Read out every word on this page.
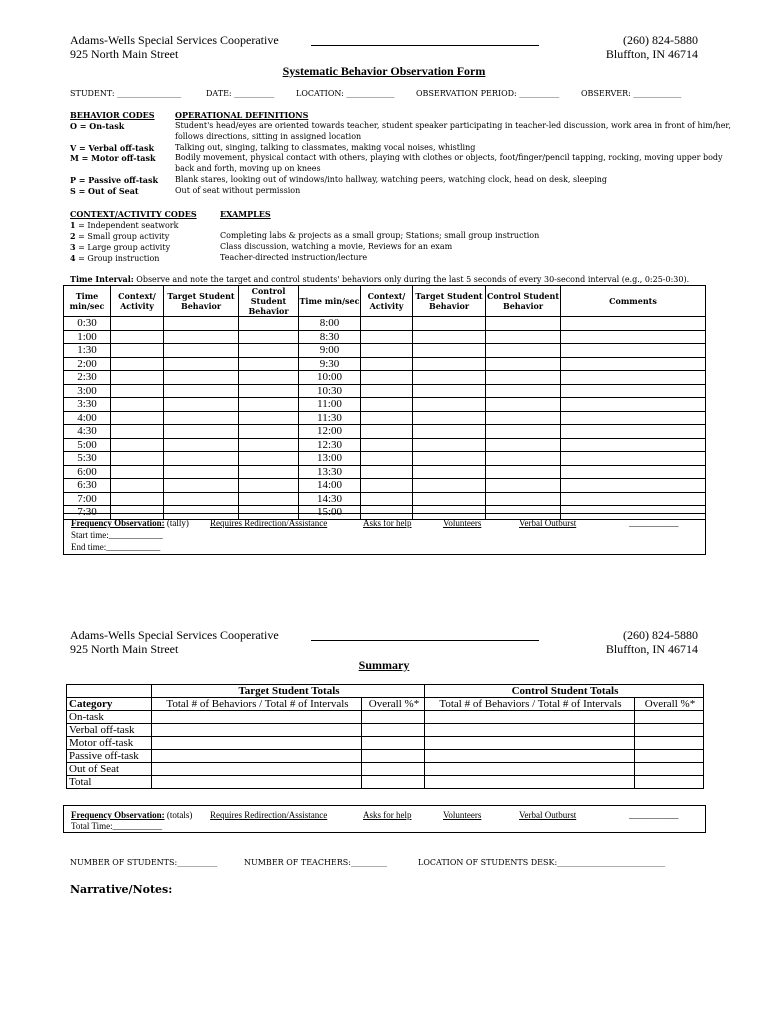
Adams-Wells Special Services Cooperative	(260) 824-5880
925 North Main Street	Bluffton, IN 46714
Systematic Behavior Observation Form
STUDENT: ________________	DATE: __________	LOCATION: ____________	OBSERVATION PERIOD: __________	OBSERVER: ____________
BEHAVIOR CODES	OPERATIONAL DEFINITIONS
O = On-task	Student's head/eyes are oriented towards teacher, student speaker participating in teacher-led discussion, work area in front of him/her,
follows directions, sitting in assigned location
V = Verbal off-task	Talking out, singing, talking to classmates, making vocal noises, whistling
M = Motor off-task Bodily movement, physical contact with others, playing with clothes or objects, foot/finger/pencil tapping, rocking, moving upper body
back and forth, moving up on knees
P = Passive off-task Blank stares, looking out of windows/into hallway, watching peers, watching clock, head on desk, sleeping
S = Out of Seat	Out of seat without permission
CONTEXT/ACTIVITY CODES	EXAMPLES
1 = Independent seatwork
2 = Small group activity	Completing labs & projects as a small group; Stations; small group instruction
3 = Large group activity	Class discussion, watching a movie, Reviews for an exam
4 = Group instruction	Teacher-directed instruction/lecture
Time Interval: Observe and note the target and control students' behaviors only during the last 5 seconds of every 30-second interval (e.g., 0:25-0:30).
Time min/sec	Context/ Activity	Target Student Behavior	Control Student Behavior	Time min/sec	Context/ Activity	Target Student Behavior	Control Student Behavior	Comments
0:30				8:00				
1:00				8:30				
1:30				9:00				
2:00				9:30				
2:30				10:00				
3:00				10:30				
3:30				11:00				
4:00				11:30				
4:30				12:00				
5:00				12:30				
5:30				13:00				
6:00				13:30				
6:30				14:00				
7:00				14:30				
7:30				15:00				
Frequency Observation: (tally) Requires Redirection/Assistance	Asks for help	Volunteers	Verbal Outburst	___________
Start time:____________
End time:____________
Adams-Wells Special Services Cooperative	(260) 824-5880
925 North Main Street	Bluffton, IN 46714
Summary
	Target Student Totals		Control Student Totals	
Category	Total # of Behaviors / Total # of Intervals	Overall %*	Total # of Behaviors / Total # of Intervals	Overall %*
On-task				
Verbal off-task				
Motor off-task				
Passive off-task				
Out of Seat				
Total				
Frequency Observation: (totals) Requires Redirection/Assistance	Asks for help	Volunteers	Verbal Outburst	___________
Total Time:___________
NUMBER OF STUDENTS:__________	NUMBER OF TEACHERS:_________	LOCATION OF STUDENTS DESK:___________________________
Narrative/Notes:
